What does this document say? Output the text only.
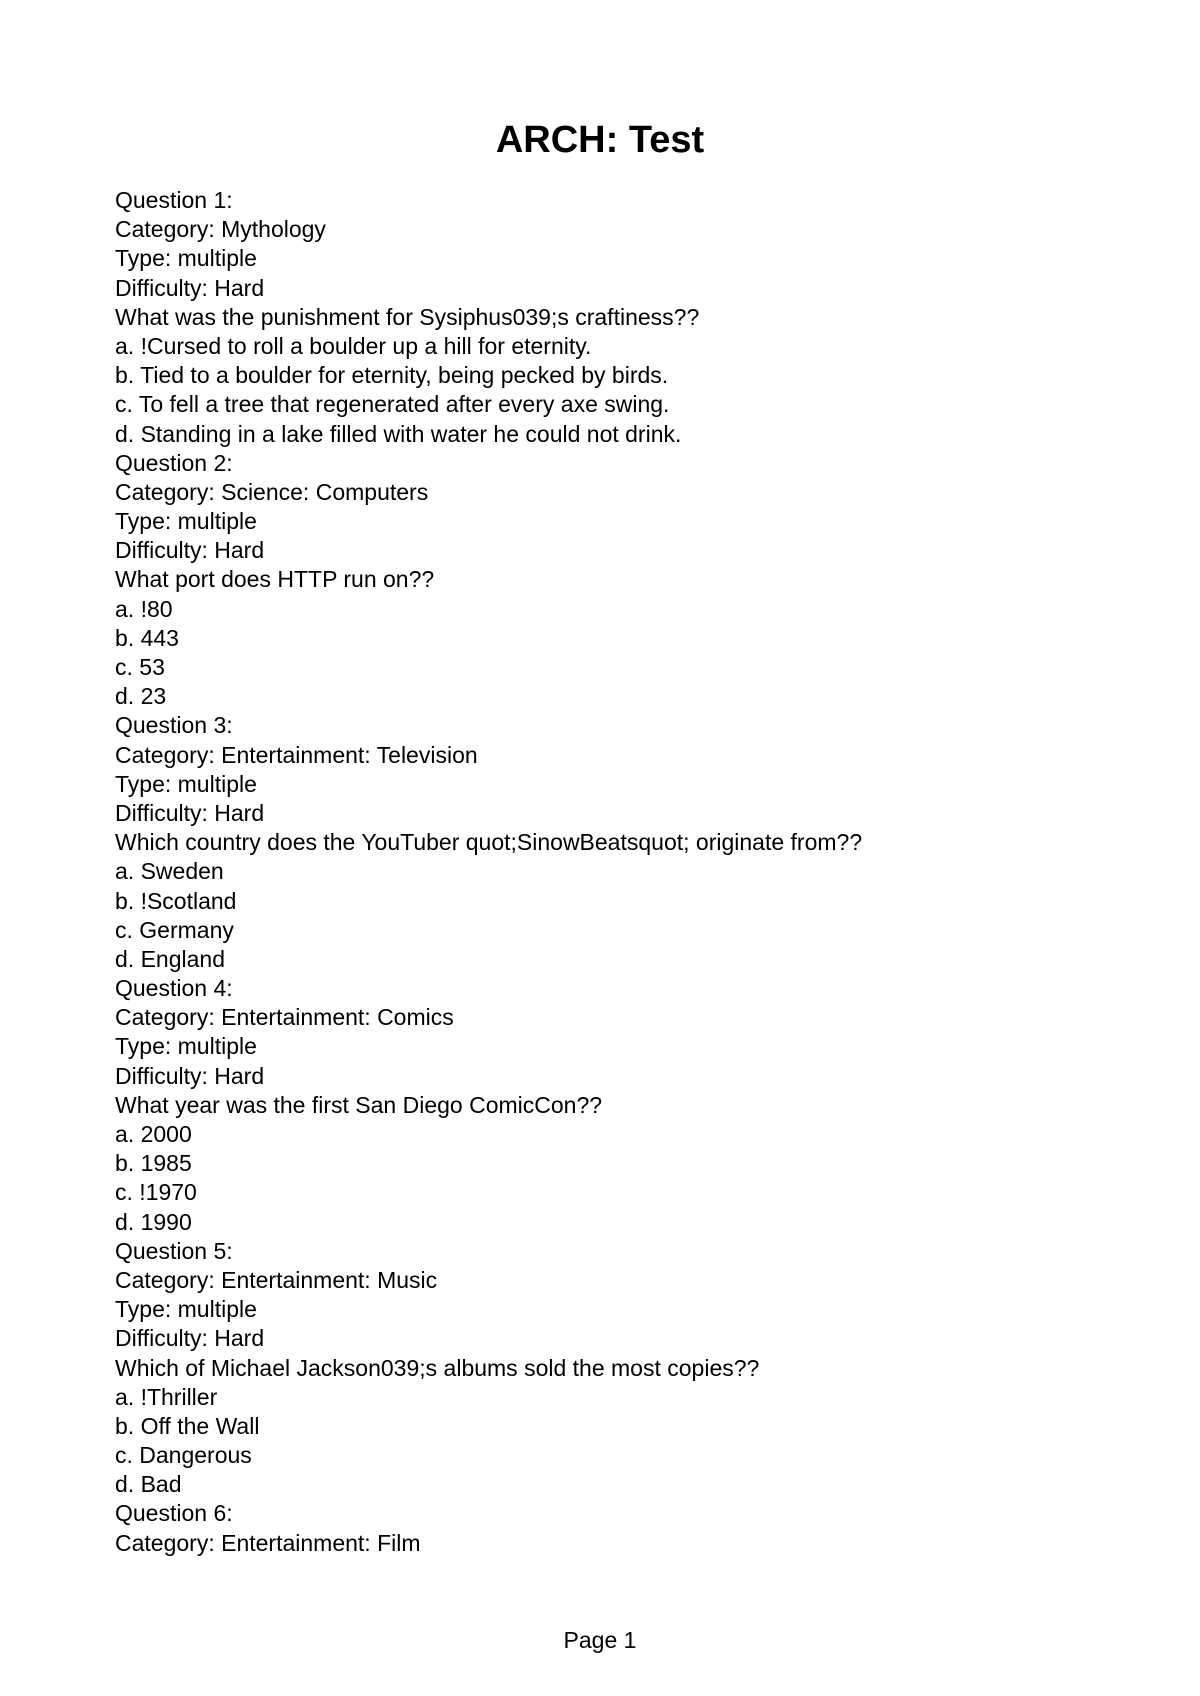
ARCH: Test
Question 1:
Category: Mythology
Type: multiple
Difficulty: Hard
What was the punishment for Sysiphus039;s craftiness??
a. !Cursed to roll a boulder up a hill for eternity.
b. Tied to a boulder for eternity, being pecked by birds.
c. To fell a tree that regenerated after every axe swing.
d. Standing in a lake filled with water he could not drink.
Question 2:
Category: Science: Computers
Type: multiple
Difficulty: Hard
What port does HTTP run on??
a. !80
b. 443
c. 53
d. 23
Question 3:
Category: Entertainment: Television
Type: multiple
Difficulty: Hard
Which country does the YouTuber quot;SinowBeatsquot; originate from??
a. Sweden
b. !Scotland
c. Germany
d. England
Question 4:
Category: Entertainment: Comics
Type: multiple
Difficulty: Hard
What year was the first San Diego ComicCon??
a. 2000
b. 1985
c. !1970
d. 1990
Question 5:
Category: Entertainment: Music
Type: multiple
Difficulty: Hard
Which of Michael Jackson039;s albums sold the most copies??
a. !Thriller
b. Off the Wall
c. Dangerous
d. Bad
Question 6:
Category: Entertainment: Film
Page 1
